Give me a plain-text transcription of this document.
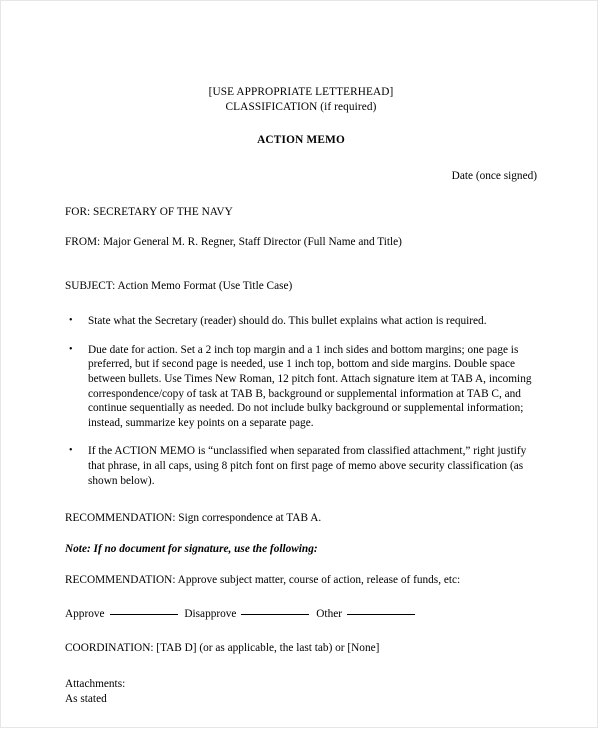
[USE APPROPRIATE LETTERHEAD]
CLASSIFICATION (if required)
ACTION MEMO
Date (once signed)
FOR: SECRETARY OF THE NAVY
FROM: Major General M. R. Regner, Staff Director (Full Name and Title)
SUBJECT: Action Memo Format (Use Title Case)
• State what the Secretary (reader) should do. This bullet explains what action is required.
• Due date for action. Set a 2 inch top margin and a 1 inch sides and bottom margins; one page is preferred, but if second page is needed, use 1 inch top, bottom and side margins. Double space between bullets. Use Times New Roman, 12 pitch font. Attach signature item at TAB A, incoming correspondence/copy of task at TAB B, background or supplemental information at TAB C, and continue sequentially as needed. Do not include bulky background or supplemental information; instead, summarize key points on a separate page.
• If the ACTION MEMO is “unclassified when separated from classified attachment,” right justify that phrase, in all caps, using 8 pitch font on first page of memo above security classification (as shown below).
RECOMMENDATION: Sign correspondence at TAB A.
Note: If no document for signature, use the following:
RECOMMENDATION: Approve subject matter, course of action, release of funds, etc:
Approve	Disapprove	Other
COORDINATION: [TAB D] (or as applicable, the last tab) or [None]
Attachments:
As stated
